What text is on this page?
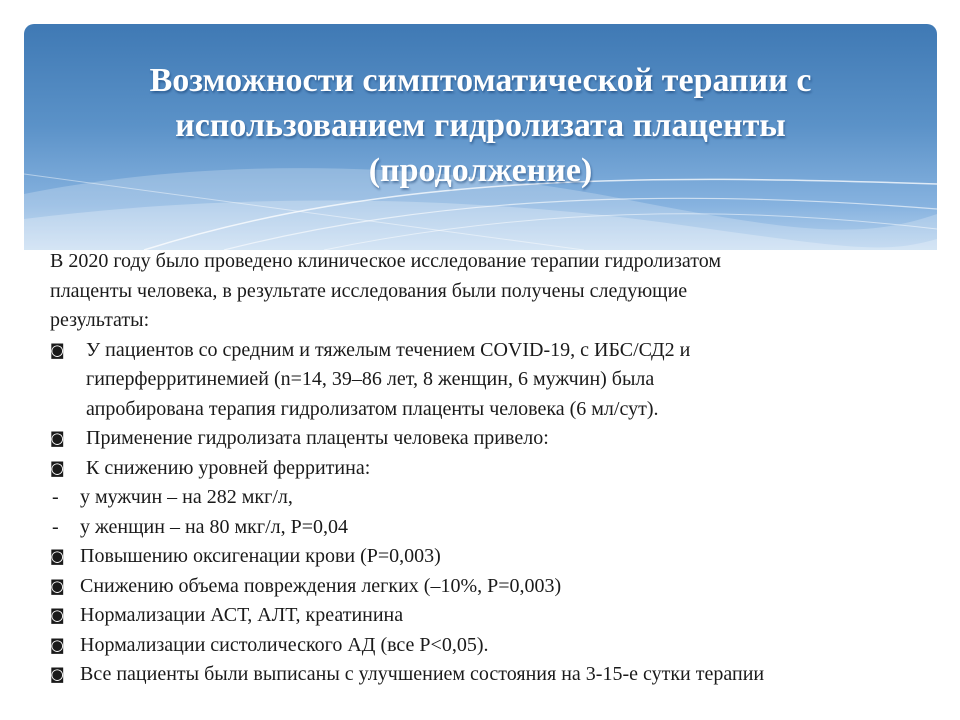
Возможности симптоматической терапии с
использованием гидролизата плаценты
(продолжение)

В 2020 году было проведено клиническое исследование терапии гидролизатом
плаценты человека, в результате исследования были получены следующие
результаты:

◙	У пациентов со средним и тяжелым течением COVID-19, с ИБС/СД2 и
гиперферритинемией (n=14, 39–86 лет, 8 женщин, 6 мужчин) была
апробирована терапия гидролизатом плаценты человека (6 мл/сут).
◙	Применение гидролизата плаценты человека привело:
◙	К снижению уровней ферритина:
-	у мужчин – на 282 мкг/л,
-	у женщин – на 80 мкг/л, P=0,04
◙ Повышению оксигенации крови (P=0,003)
◙ Снижению объема повреждения легких (–10%, P=0,003)
◙ Нормализации АСТ, АЛТ, креатинина
◙ Нормализации систолического АД (все P<0,05).
◙ Все пациенты были выписаны с улучшением состояния на 3-15-е сутки терапии
